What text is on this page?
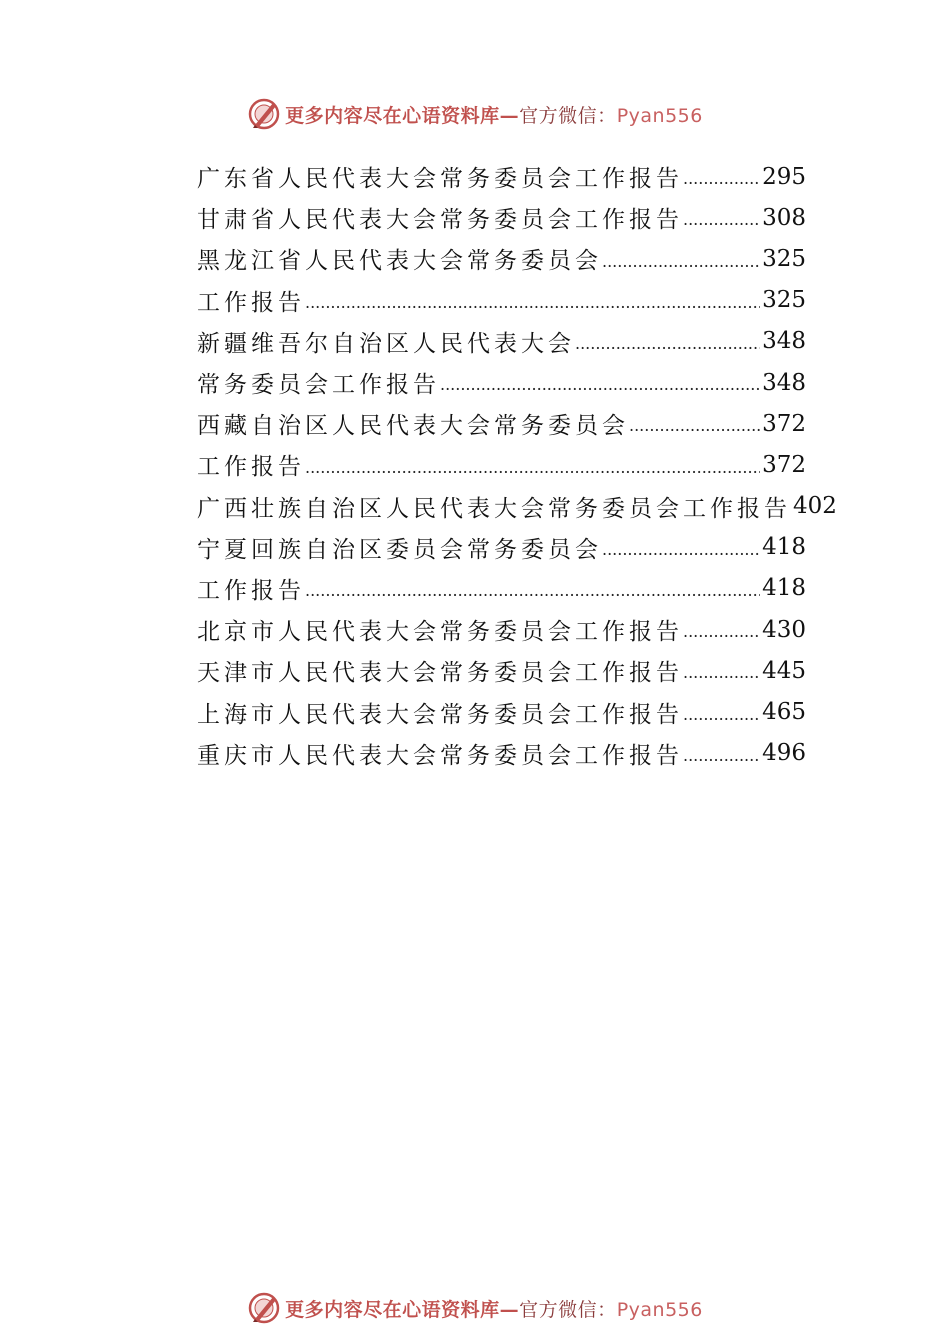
更多内容尽在心语资料库—官方微信：Pyan556
广东省人民代表大会常务委员会工作报告 .....	295
甘肃省人民代表大会常务委员会工作报告 .....	308
黑龙江省人民代表大会常务委员会 .....	325
工作报告 .....	325
新疆维吾尔自治区人民代表大会 .....	348
常务委员会工作报告 .....	348
西藏自治区人民代表大会常务委员会 .....	372
工作报告 .....	372
广西壮族自治区人民代表大会常务委员会工作报告 402
宁夏回族自治区委员会常务委员会 .....	418
工作报告 .....	418
北京市人民代表大会常务委员会工作报告 .....	430
天津市人民代表大会常务委员会工作报告 .....	445
上海市人民代表大会常务委员会工作报告 .....	465
重庆市人民代表大会常务委员会工作报告 .....	496
更多内容尽在心语资料库—官方微信：Pyan556
